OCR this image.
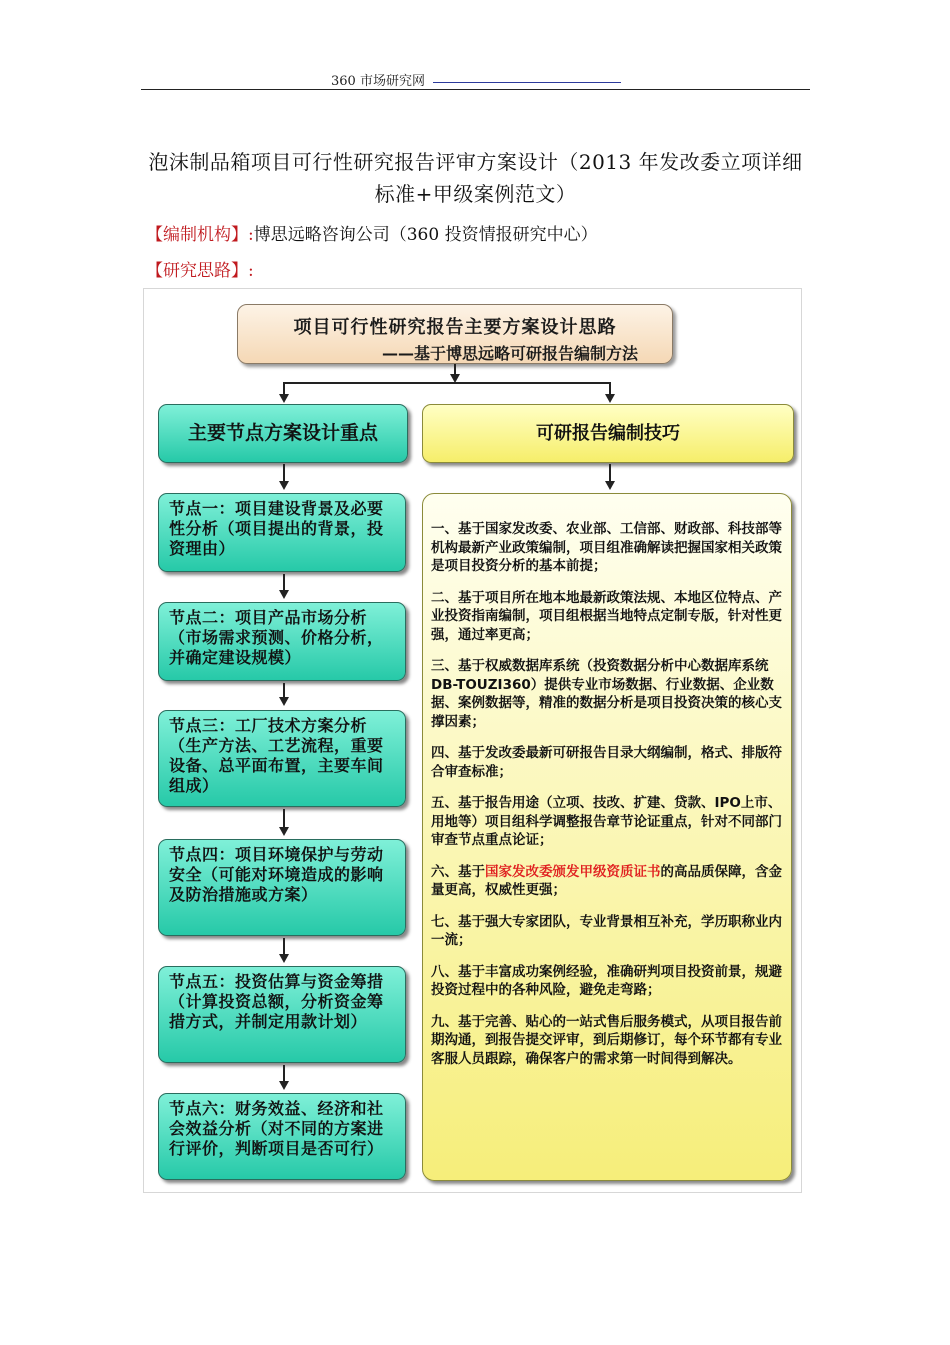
360 市场研究网
泡沫制品箱项目可行性研究报告评审方案设计（2013 年发改委立项详细标准+甲级案例范文）
【编制机构】:博思远略咨询公司（360 投资情报研究中心）
【研究思路】:
项目可行性研究报告主要方案设计思路
——基于博思远略可研报告编制方法
主要节点方案设计重点	可研报告编制技巧
节点一：项目建设背景及必要性分析（项目提出的背景，投资理由）
节点二：项目产品市场分析（市场需求预测、价格分析，并确定建设规模）
节点三：工厂技术方案分析（生产方法、工艺流程，重要设备、总平面布置，主要车间组成）
节点四：项目环境保护与劳动安全（可能对环境造成的影响及防治措施或方案）
节点五：投资估算与资金筹措（计算投资总额，分析资金筹措方式，并制定用款计划）
节点六：财务效益、经济和社会效益分析（对不同的方案进行评价，判断项目是否可行）
一、基于国家发改委、农业部、工信部、财政部、科技部等机构最新产业政策编制，项目组准确解读把握国家相关政策是项目投资分析的基本前提；
二、基于项目所在地本地最新政策法规、本地区位特点、产业投资指南编制，项目组根据当地特点定制专版，针对性更强，通过率更高；
三、基于权威数据库系统（投资数据分析中心数据库系统DB-TOUZI360）提供专业市场数据、行业数据、企业数据、案例数据等，精准的数据分析是项目投资决策的核心支撑因素；
四、基于发改委最新可研报告目录大纲编制，格式、排版符合审查标准；
五、基于报告用途（立项、技改、扩建、贷款、IPO上市、用地等）项目组科学调整报告章节论证重点，针对不同部门审查节点重点论证；
六、基于国家发改委颁发甲级资质证书的高品质保障，含金量更高，权威性更强；
七、基于强大专家团队，专业背景相互补充，学历职称业内一流；
八、基于丰富成功案例经验，准确研判项目投资前景，规避投资过程中的各种风险，避免走弯路；
九、基于完善、贴心的一站式售后服务模式，从项目报告前期沟通，到报告提交评审，到后期修订，每个环节都有专业客服人员跟踪，确保客户的需求第一时间得到解决。
